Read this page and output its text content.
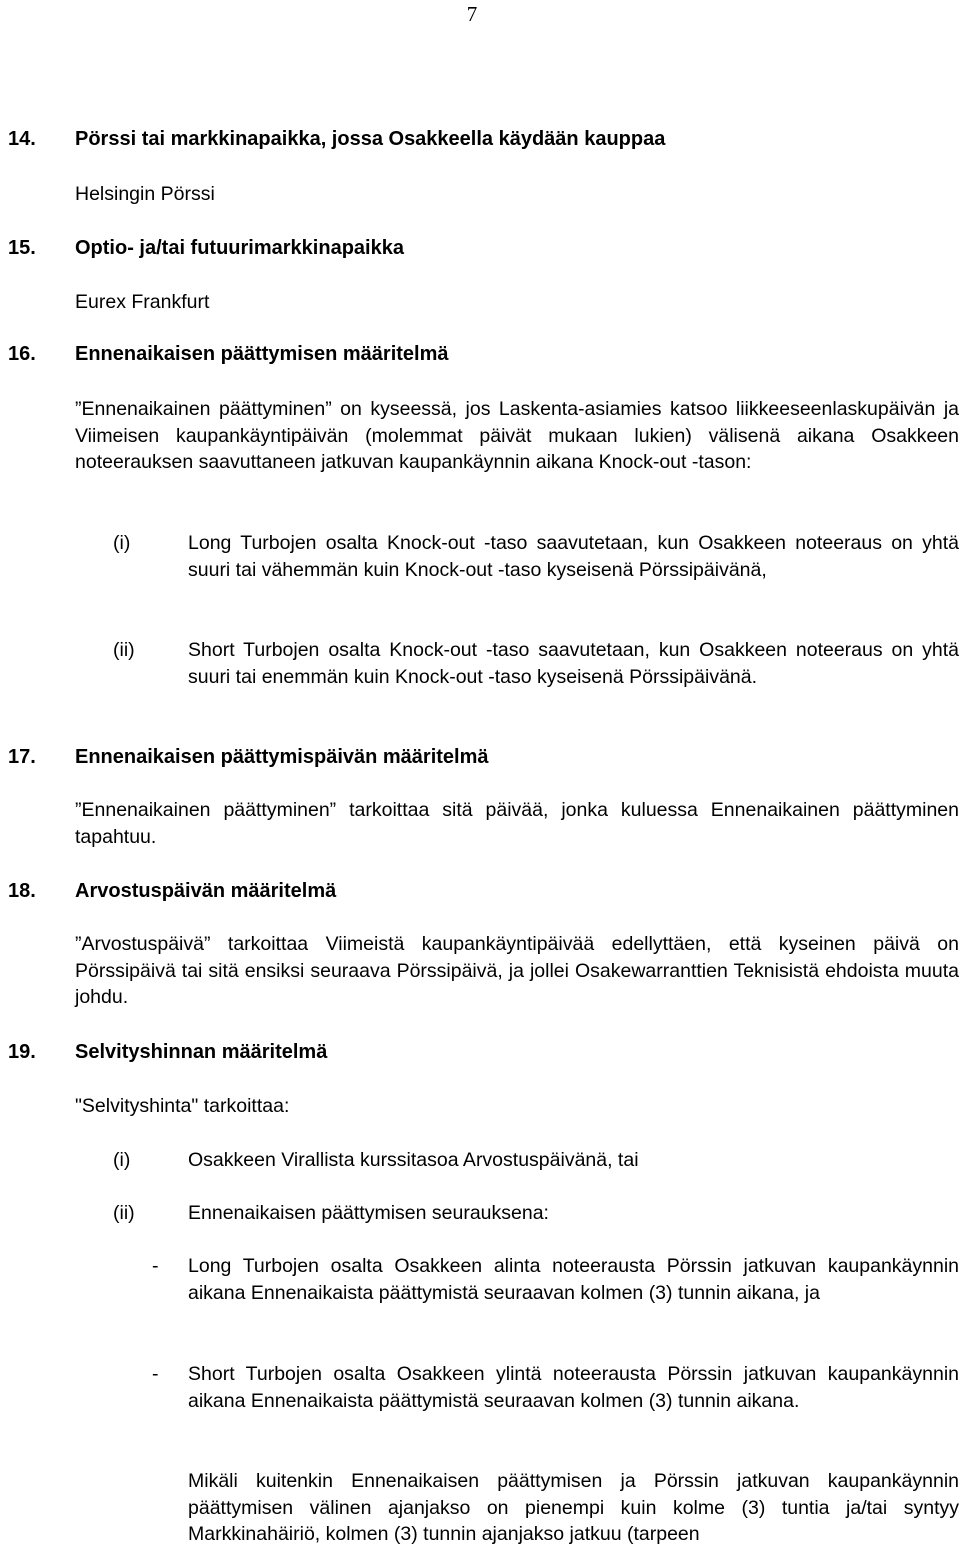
7
14. Pörssi tai markkinapaikka, jossa Osakkeella käydään kauppaa
Helsingin Pörssi
15. Optio- ja/tai futuurimarkkinapaikka
Eurex Frankfurt
16. Ennenaikaisen päättymisen määritelmä
”Ennenaikainen päättyminen” on kyseessä, jos Laskenta-asiamies katsoo liikkeeseenlaskupäivän ja Viimeisen kaupankäyntipäivän (molemmat päivät mukaan lukien) välisenä aikana Osakkeen noteerauksen saavuttaneen jatkuvan kaupankäynnin aikana Knock-out -tason:
(i)	Long Turbojen osalta Knock-out -taso saavutetaan, kun Osakkeen noteeraus on yhtä suuri tai vähemmän kuin Knock-out -taso kyseisenä Pörssipäivänä,
(ii)	Short Turbojen osalta Knock-out -taso saavutetaan, kun Osakkeen noteeraus on yhtä suuri tai enemmän kuin Knock-out -taso kyseisenä Pörssipäivänä.
17. Ennenaikaisen päättymispäivän määritelmä
”Ennenaikainen päättyminen” tarkoittaa sitä päivää, jonka kuluessa Ennenaikainen päättyminen tapahtuu.
18. Arvostuspäivän määritelmä
”Arvostuspäivä” tarkoittaa Viimeistä kaupankäyntipäivää edellyttäen, että kyseinen päivä on Pörssipäivä tai sitä ensiksi seuraava Pörssipäivä, ja jollei Osakewarranttien Teknisistä ehdoista muuta johdu.
19. Selvityshinnan määritelmä
"Selvityshinta" tarkoittaa:
(i)	Osakkeen Virallista kurssitasoa Arvostuspäivänä, tai
(ii)	Ennenaikaisen päättymisen seurauksena:
- Long Turbojen osalta Osakkeen alinta noteerausta Pörssin jatkuvan kaupankäynnin aikana Ennenaikaista päättymistä seuraavan kolmen (3) tunnin aikana, ja
- Short Turbojen osalta Osakkeen ylintä noteerausta Pörssin jatkuvan kaupankäynnin aikana Ennenaikaista päättymistä seuraavan kolmen (3) tunnin aikana.
Mikäli kuitenkin Ennenaikaisen päättymisen ja Pörssin jatkuvan kaupankäynnin päättymisen välinen ajanjakso on pienempi kuin kolme (3) tuntia ja/tai syntyy Markkinahäiriö, kolmen (3) tunnin ajanjakso jatkuu (tarpeen
